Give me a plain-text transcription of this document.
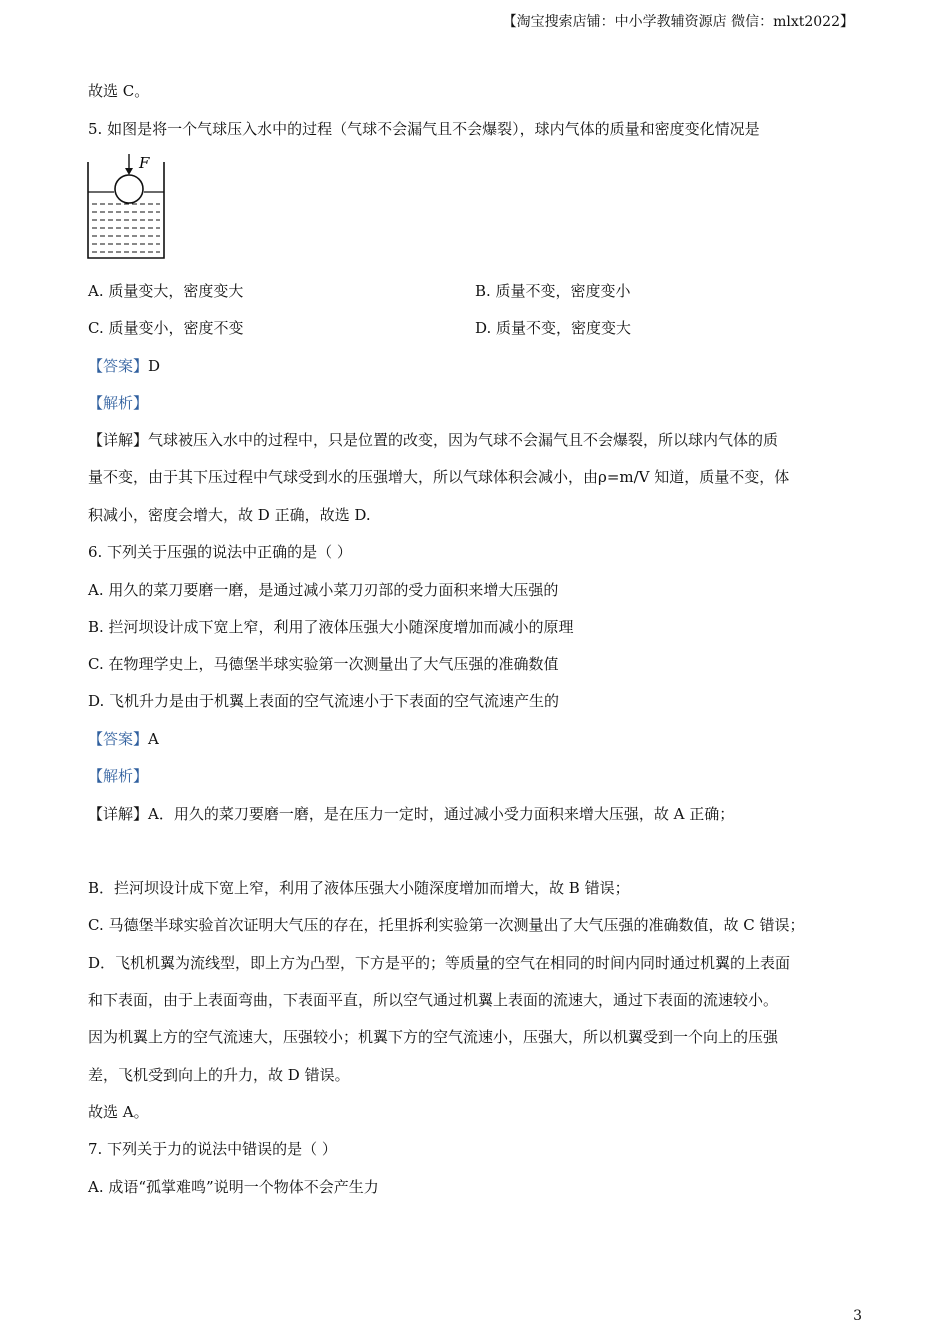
【淘宝搜索店铺：中小学教辅资源店 微信：mlxt2022】
故选 C。
5. 如图是将一个气球压入水中的过程（气球不会漏气且不会爆裂），球内气体的质量和密度变化情况是
F
A. 质量变大，密度变大	B. 质量不变，密度变小
C. 质量变小，密度不变	D. 质量不变，密度变大
【答案】D
【解析】
【详解】气球被压入水中的过程中，只是位置的改变，因为气球不会漏气且不会爆裂，所以球内气体的质
量不变，由于其下压过程中气球受到水的压强增大，所以气球体积会减小，由ρ=m/V 知道，质量不变，体
积减小，密度会增大，故 D 正确，故选 D.
6. 下列关于压强的说法中正确的是（ ）
A. 用久的菜刀要磨一磨，是通过减小菜刀刃部的受力面积来增大压强的
B. 拦河坝设计成下宽上窄，利用了液体压强大小随深度增加而减小的原理
C. 在物理学史上，马德堡半球实验第一次测量出了大气压强的准确数值
D. 飞机升力是由于机翼上表面的空气流速小于下表面的空气流速产生的
【答案】A
【解析】
【详解】A．用久的菜刀要磨一磨，是在压力一定时，通过减小受力面积来增大压强，故 A 正确；
B．拦河坝设计成下宽上窄，利用了液体压强大小随深度增加而增大，故 B 错误；
C. 马德堡半球实验首次证明大气压的存在，托里拆利实验第一次测量出了大气压强的准确数值，故 C 错误；
D．飞机机翼为流线型，即上方为凸型，下方是平的；等质量的空气在相同的时间内同时通过机翼的上表面
和下表面，由于上表面弯曲，下表面平直，所以空气通过机翼上表面的流速大，通过下表面的流速较小。
因为机翼上方的空气流速大，压强较小；机翼下方的空气流速小，压强大，所以机翼受到一个向上的压强
差，飞机受到向上的升力，故 D 错误。
故选 A。
7. 下列关于力的说法中错误的是（ ）
A. 成语“孤掌难鸣”说明一个物体不会产生力
3
